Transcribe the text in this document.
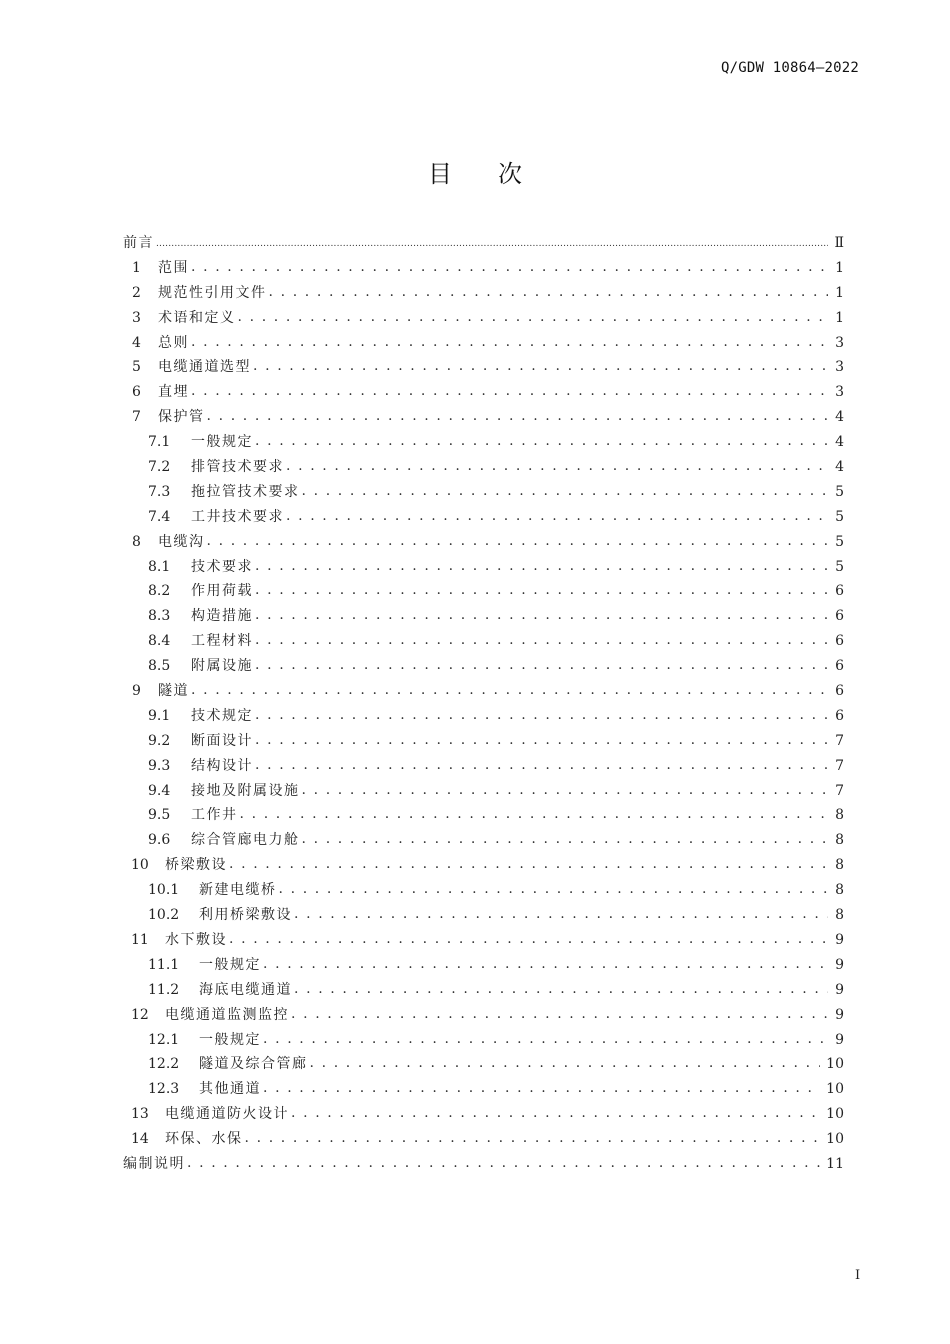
Q/GDW 10864—2022
目 次
前言 .....	Ⅱ
1	范围 . . .	1
2	规范性引用文件 . . .	1
3	术语和定义 . . .	1
4	总则 . . .	3
5	电缆通道选型 . . .	3
6	直埋 . . .	3
7	保护管 . . .	4
7.1	一般规定 . . .	4
7.2	排管技术要求 . . .	4
7.3	拖拉管技术要求 . . .	5
7.4	工井技术要求 . . .	5
8	电缆沟 . . .	5
8.1	技术要求 . . .	5
8.2	作用荷载 . . .	6
8.3	构造措施 . . .	6
8.4	工程材料 . . .	6
8.5	附属设施 . . .	6
9	隧道 . . .	6
9.1	技术规定 . . .	6
9.2	断面设计 . . .	7
9.3	结构设计 . . .	7
9.4	接地及附属设施 . . .	7
9.5	工作井 . . .	8
9.6	综合管廊电力舱 . . .	8
10	桥梁敷设 . . .	8
10.1	新建电缆桥 . . .	8
10.2	利用桥梁敷设 . . .	8
11	水下敷设 . . .	9
11.1	一般规定 . . .	9
11.2	海底电缆通道 . . .	9
12	电缆通道监测监控 . . .	9
12.1	一般规定 . . .	9
12.2	隧道及综合管廊 . . .	10
12.3	其他通道 . . .	10
13	电缆通道防火设计 . . .	10
14	环保、水保 . . .	10
编制说明 . . .	11
I
